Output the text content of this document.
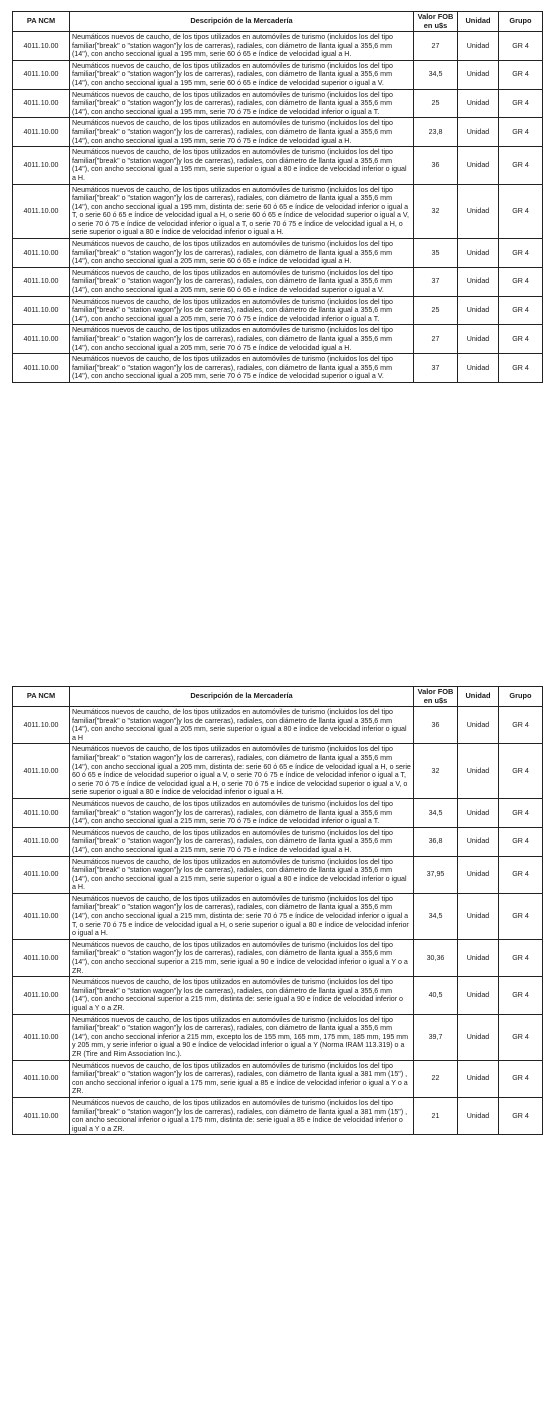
PA NCM	Descripción de la Mercadería	Valor FOB en u$s	Unidad	Grupo
4011.10.00	Neumáticos nuevos de caucho, de los tipos utilizados en automóviles de turismo (incluidos los del tipo familiar["break" o "station wagon"]y los de carreras), radiales, con diámetro de llanta igual a 355,6 mm (14"), con ancho seccional igual a 195 mm, serie 60 ó 65 e índice de velocidad igual a H.	27	Unidad	GR 4
4011.10.00	Neumáticos nuevos de caucho, de los tipos utilizados en automóviles de turismo (incluidos los del tipo familiar["break" o "station wagon"]y los de carreras), radiales, con diámetro de llanta igual a 355,6 mm (14"), con ancho seccional igual a 195 mm, serie 60 ó 65 e índice de velocidad superior o igual a V.	34,5	Unidad	GR 4
4011.10.00	Neumáticos nuevos de caucho, de los tipos utilizados en automóviles de turismo (incluidos los del tipo familiar["break" o "station wagon"]y los de carreras), radiales, con diámetro de llanta igual a 355,6 mm (14"), con ancho seccional igual a 195 mm, serie 70 ó 75 e índice de velocidad inferior o igual a T.	25	Unidad	GR 4
4011.10.00	Neumáticos nuevos de caucho, de los tipos utilizados en automóviles de turismo (incluidos los del tipo familiar["break" o "station wagon"]y los de carreras), radiales, con diámetro de llanta igual a 355,6 mm (14"), con ancho seccional igual a 195 mm, serie 70 ó 75 e índice de velocidad igual a H.	23,8	Unidad	GR 4
4011.10.00	Neumáticos nuevos de caucho, de los tipos utilizados en automóviles de turismo (incluidos los del tipo familiar["break" o "station wagon"]y los de carreras), radiales, con diámetro de llanta igual a 355,6 mm (14"), con ancho seccional igual a 195 mm, serie superior o igual a 80 e índice de velocidad inferior o igual a H.	36	Unidad	GR 4
4011.10.00	Neumáticos nuevos de caucho, de los tipos utilizados en automóviles de turismo (incluidos los del tipo familiar["break" o "station wagon"]y los de carreras), radiales, con diámetro de llanta igual a 355,6 mm (14"), con ancho seccional igual a 195 mm, distinta de: serie 60 ó 65 e índice de velocidad inferior o igual a T, o serie 60 ó 65 e índice de velocidad igual a H, o serie 60 ó 65 e índice de velocidad superior o igual a V, o serie 70 ó 75 e índice de velocidad inferior o igual a T, o serie 70 ó 75 e índice de velocidad igual a H, o serie superior o igual a 80 e índice de velocidad inferior o igual a H.	32	Unidad	GR 4
4011.10.00	Neumáticos nuevos de caucho, de los tipos utilizados en automóviles de turismo (incluidos los del tipo familiar["break" o "station wagon"]y los de carreras), radiales, con diámetro de llanta igual a 355,6 mm (14"), con ancho seccional igual a 205 mm, serie 60 ó 65 e índice de velocidad igual a H.	35	Unidad	GR 4
4011.10.00	Neumáticos nuevos de caucho, de los tipos utilizados en automóviles de turismo (incluidos los del tipo familiar["break" o "station wagon"]y los de carreras), radiales, con diámetro de llanta igual a 355,6 mm (14"), con ancho seccional igual a 205 mm, serie 60 ó 65 e índice de velocidad superior o igual a V.	37	Unidad	GR 4
4011.10.00	Neumáticos nuevos de caucho, de los tipos utilizados en automóviles de turismo (incluidos los del tipo familiar["break" o "station wagon"]y los de carreras), radiales, con diámetro de llanta igual a 355,6 mm (14"), con ancho seccional igual a 205 mm, serie 70 ó 75 e índice de velocidad inferior o igual a T.	25	Unidad	GR 4
4011.10.00	Neumáticos nuevos de caucho, de los tipos utilizados en automóviles de turismo (incluidos los del tipo familiar["break" o "station wagon"]y los de carreras), radiales, con diámetro de llanta igual a 355,6 mm (14"), con ancho seccional igual a 205 mm, serie 70 ó 75 e índice de velocidad igual a H.	27	Unidad	GR 4
4011.10.00	Neumáticos nuevos de caucho, de los tipos utilizados en automóviles de turismo (incluidos los del tipo familiar["break" o "station wagon"]y los de carreras), radiales, con diámetro de llanta igual a 355,6 mm (14"), con ancho seccional igual a 205 mm, serie 70 ó 75 e índice de velocidad superior o igual a V.	37	Unidad	GR 4
PA NCM	Descripción de la Mercadería	Valor FOB en u$s	Unidad	Grupo
4011.10.00	Neumáticos nuevos de caucho, de los tipos utilizados en automóviles de turismo (incluidos los del tipo familiar["break" o "station wagon"]y los de carreras), radiales, con diámetro de llanta igual a 355,6 mm (14"), con ancho seccional igual a 205 mm, serie superior o igual a 80 e índice de velocidad inferior o igual a H	36	Unidad	GR 4
4011.10.00	Neumáticos nuevos de caucho, de los tipos utilizados en automóviles de turismo (incluidos los del tipo familiar["break" o "station wagon"]y los de carreras), radiales, con diámetro de llanta igual a 355,6 mm (14"), con ancho seccional igual a 205 mm, distinta de: serie 60 ó 65 e índice de velocidad igual a H, o serie 60 ó 65 e índice de velocidad superior o igual a V, o serie 70 ó 75 e índice de velocidad inferior o igual a T, o serie 70 ó 75 e índice de velocidad igual a H, o serie 70 ó 75 e índice de velocidad superior o igual a V, o serie superior o igual a 80 e índice de velocidad inferior o igual a H.	32	Unidad	GR 4
4011.10.00	Neumáticos nuevos de caucho, de los tipos utilizados en automóviles de turismo (incluidos los del tipo familiar["break" o "station wagon"]y los de carreras), radiales, con diámetro de llanta igual a 355,6 mm (14"), con ancho seccional igual a 215 mm, serie 70 ó 75 e índice de velocidad inferior o igual a T.	34,5	Unidad	GR 4
4011.10.00	Neumáticos nuevos de caucho, de los tipos utilizados en automóviles de turismo (incluidos los del tipo familiar["break" o "station wagon"]y los de carreras), radiales, con diámetro de llanta igual a 355,6 mm (14"), con ancho seccional igual a 215 mm, serie 70 ó 75 e índice de velocidad igual a H.	36,8	Unidad	GR 4
4011.10.00	Neumáticos nuevos de caucho, de los tipos utilizados en automóviles de turismo (incluidos los del tipo familiar["break" o "station wagon"]y los de carreras), radiales, con diámetro de llanta igual a 355,6 mm (14"), con ancho seccional igual a 215 mm, serie superior o igual a 80 e índice de velocidad inferior o igual a H.	37,95	Unidad	GR 4
4011.10.00	Neumáticos nuevos de caucho, de los tipos utilizados en automóviles de turismo (incluidos los del tipo familiar["break" o "station wagon"]y los de carreras), radiales, con diámetro de llanta igual a 355,6 mm (14"), con ancho seccional igual a 215 mm, distinta de: serie 70 ó 75 e índice de velocidad inferior o igual a T, o serie 70 ó 75 e índice de velocidad igual a H, o serie superior o igual a 80 e índice de velocidad inferior o igual a H.	34,5	Unidad	GR 4
4011.10.00	Neumáticos nuevos de caucho, de los tipos utilizados en automóviles de turismo (incluidos los del tipo familiar["break" o "station wagon"]y los de carreras), radiales, con diámetro de llanta igual a 355,6 mm (14"), con ancho seccional superior a 215 mm, serie igual a 90 e índice de velocidad inferior o igual a Y o a ZR.	30,36	Unidad	GR 4
4011.10.00	Neumáticos nuevos de caucho, de los tipos utilizados en automóviles de turismo (incluidos los del tipo familiar["break" o "station wagon"]y los de carreras), radiales, con diámetro de llanta igual a 355,6 mm (14"), con ancho seccional superior a 215 mm, distinta de: serie igual a 90 e índice de velocidad inferior o igual a Y o a ZR.	40,5	Unidad	GR 4
4011.10.00	Neumáticos nuevos de caucho, de los tipos utilizados en automóviles de turismo (incluidos los del tipo familiar["break" o "station wagon"]y los de carreras), radiales, con diámetro de llanta igual a 355,6 mm (14"), con ancho seccional inferior a 215 mm, excepto los de 155 mm, 165 mm, 175 mm, 185 mm, 195 mm y 205 mm, y serie inferior o igual a 90 e índice de velocidad inferior o igual a Y (Norma IRAM 113.319) o a ZR (Tire and Rim Association Inc.).	39,7	Unidad	GR 4
4011.10.00	Neumáticos nuevos de caucho, de los tipos utilizados en automóviles de turismo (incluidos los del tipo familiar["break" o "station wagon"]y los de carreras), radiales, con diámetro de llanta igual a 381 mm (15") , con ancho seccional inferior o igual a 175 mm, serie igual a 85 e índice de velocidad inferior o igual a Y o a ZR.	22	Unidad	GR 4
4011.10.00	Neumáticos nuevos de caucho, de los tipos utilizados en automóviles de turismo (incluidos los del tipo familiar["break" o "station wagon"]y los de carreras), radiales, con diámetro de llanta igual a 381 mm (15") , con ancho seccional inferior o igual a 175 mm, distinta de: serie igual a 85 e índice de velocidad inferior o igual a Y o a ZR.	21	Unidad	GR 4
